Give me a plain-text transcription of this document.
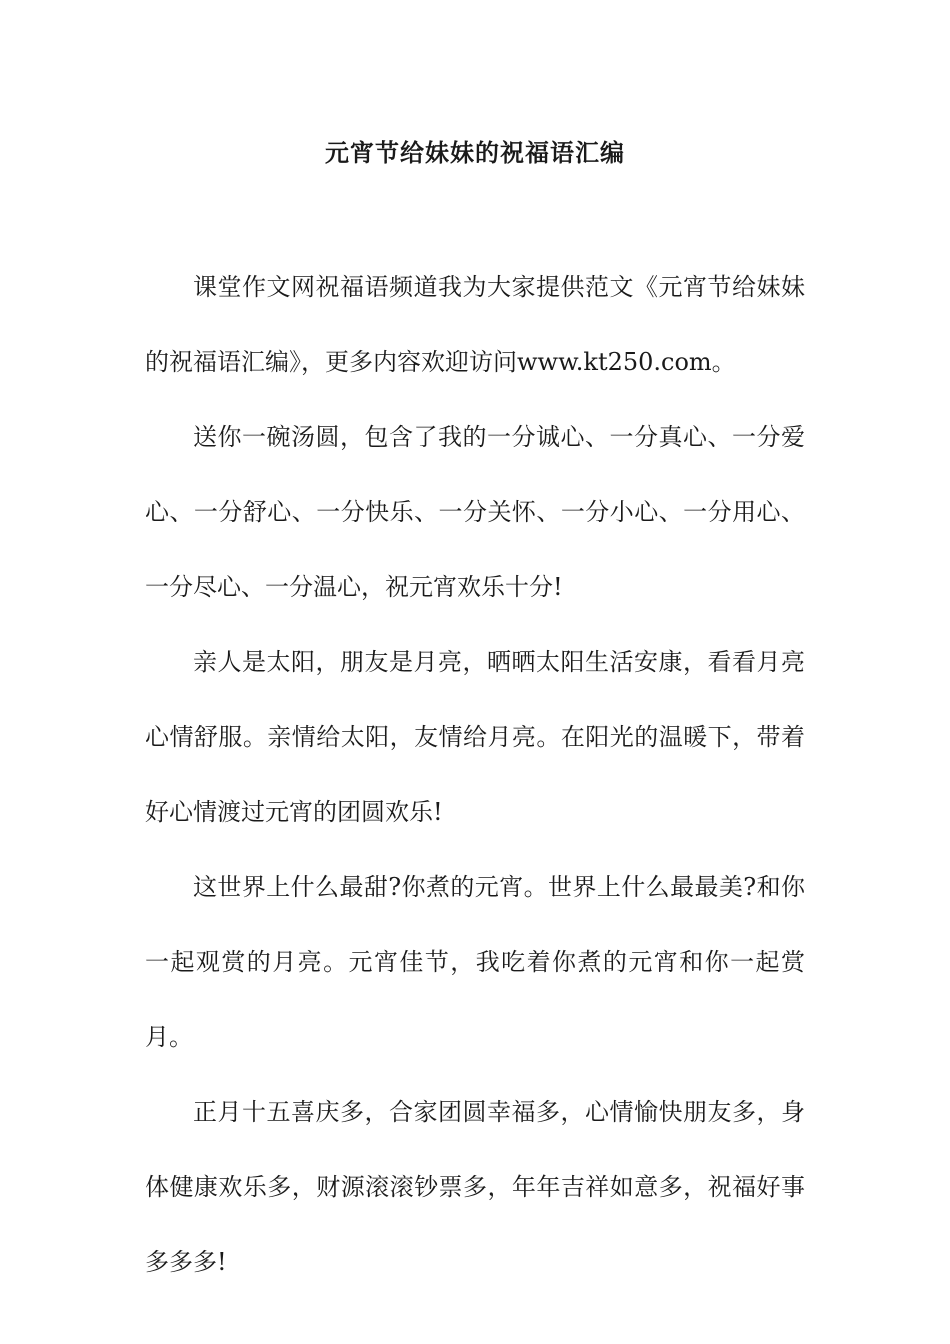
元宵节给妹妹的祝福语汇编

课堂作文网祝福语频道我为大家提供范文《元宵节给妹妹的祝福语汇编》，更多内容欢迎访问www.kt250.com。

送你一碗汤圆，包含了我的一分诚心、一分真心、一分爱心、一分舒心、一分快乐、一分关怀、一分小心、一分用心、一分尽心、一分温心，祝元宵欢乐十分!

亲人是太阳，朋友是月亮，晒晒太阳生活安康，看看月亮心情舒服。亲情给太阳，友情给月亮。在阳光的温暖下，带着好心情渡过元宵的团圆欢乐!

这世界上什么最甜?你煮的元宵。世界上什么最最美?和你一起观赏的月亮。元宵佳节，我吃着你煮的元宵和你一起赏月。

正月十五喜庆多，合家团圆幸福多，心情愉快朋友多，身体健康欢乐多，财源滚滚钞票多，年年吉祥如意多，祝福好事多多多!
